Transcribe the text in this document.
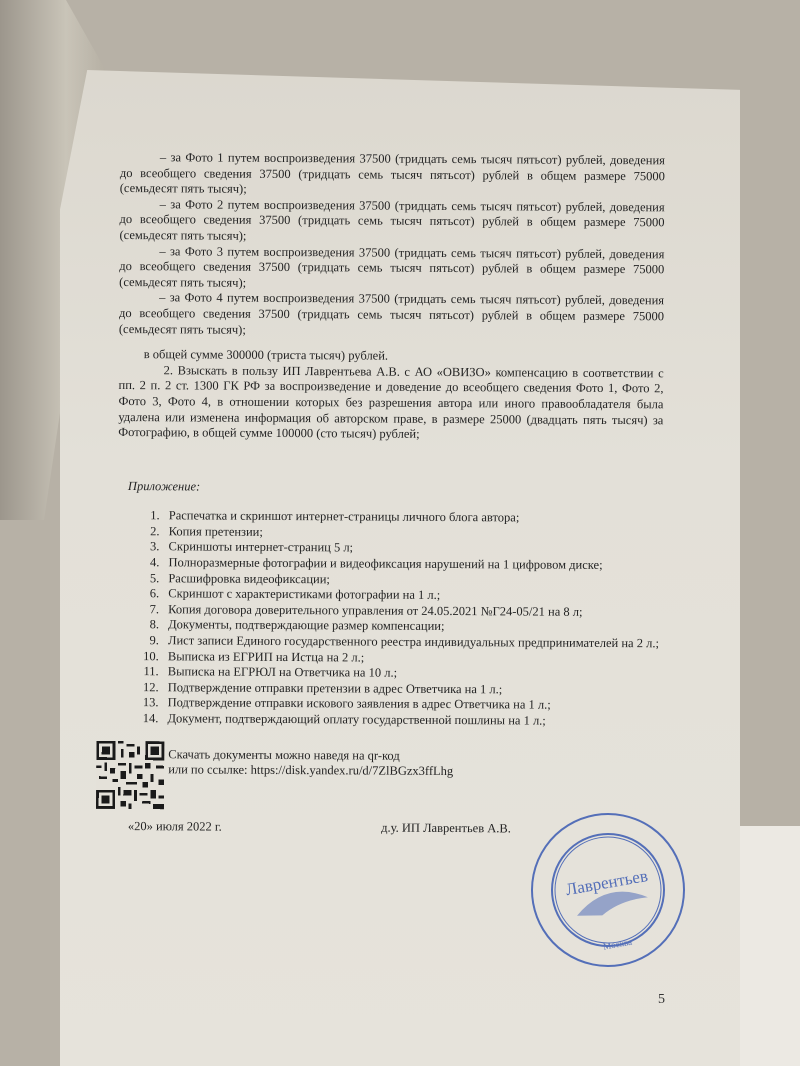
– за Фото 1 путем воспроизведения 37500 (тридцать семь тысяч пятьсот) рублей, доведения до всеобщего сведения 37500 (тридцать семь тысяч пятьсот) рублей в общем размере 75000 (семьдесят пять тысяч);

– за Фото 2 путем воспроизведения 37500 (тридцать семь тысяч пятьсот) рублей, доведения до всеобщего сведения 37500 (тридцать семь тысяч пятьсот) рублей в общем размере 75000 (семьдесят пять тысяч);

– за Фото 3 путем воспроизведения 37500 (тридцать семь тысяч пятьсот) рублей, доведения до всеобщего сведения 37500 (тридцать семь тысяч пятьсот) рублей в общем размере 75000 (семьдесят пять тысяч);

– за Фото 4 путем воспроизведения 37500 (тридцать семь тысяч пятьсот) рублей, доведения до всеобщего сведения 37500 (тридцать семь тысяч пятьсот) рублей в общем размере 75000 (семьдесят пять тысяч);

в общей сумме 300000 (триста тысяч) рублей.

2. Взыскать в пользу ИП Лаврентьева А.В. с АО «ОВИЗО» компенсацию в соответствии с пп. 2 п. 2 ст. 1300 ГК РФ за воспроизведение и доведение до всеобщего сведения Фото 1, Фото 2, Фото 3, Фото 4, в отношении которых без разрешения автора или иного правообладателя была удалена или изменена информация об авторском праве, в размере 25000 (двадцать пять тысяч) за Фотографию, в общей сумме 100000 (сто тысяч) рублей;

Приложение:

1. Распечатка и скриншот интернет-страницы личного блога автора;
2. Копия претензии;
3. Скриншоты интернет-страниц 5 л;
4. Полноразмерные фотографии и видеофиксация нарушений на 1 цифровом диске;
5. Расшифровка видеофиксации;
6. Скриншот с характеристиками фотографии на 1 л.;
7. Копия договора доверительного управления от 24.05.2021 №Г24-05/21 на 8 л;
8. Документы, подтверждающие размер компенсации;
9. Лист записи Единого государственного реестра индивидуальных предпринимателей на 2 л.;
10. Выписка из ЕГРИП на Истца на 2 л.;
11. Выписка на ЕГРЮЛ на Ответчика на 10 л.;
12. Подтверждение отправки претензии в адрес Ответчика на 1 л.;
13. Подтверждение отправки искового заявления в адрес Ответчика на 1 л.;
14. Документ, подтверждающий оплату государственной пошлины на 1 л.;
Скачать документы можно наведя на qr-код
или по ссылке: https://disk.yandex.ru/d/7ZlBGzx3ffLhg
«20» июля 2022 г.	д.у. ИП Лаврентьев А.В.
Лаврентьев
Москва
5
